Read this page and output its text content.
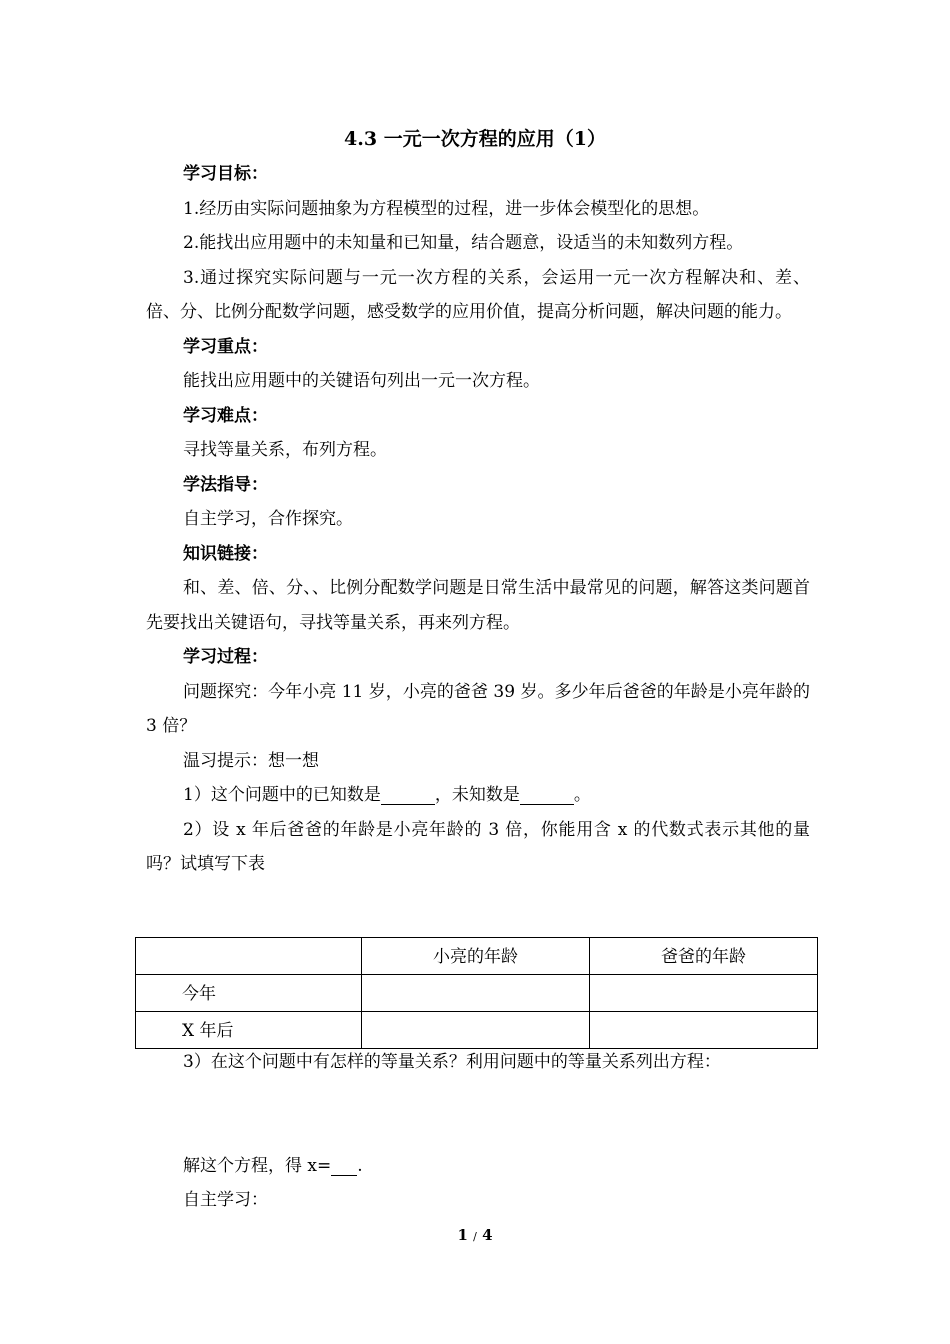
4.3 一元一次方程的应用（1）

学习目标：

1.经历由实际问题抽象为方程模型的过程，进一步体会模型化的思想。

2.能找出应用题中的未知量和已知量，结合题意，设适当的未知数列方程。

3.通过探究实际问题与一元一次方程的关系，会运用一元一次方程解决和、差、倍、分、比例分配数学问题，感受数学的应用价值，提高分析问题，解决问题的能力。

学习重点：

能找出应用题中的关键语句列出一元一次方程。

学习难点：

寻找等量关系，布列方程。

学法指导：

自主学习，合作探究。

知识链接：

和、差、倍、分、、比例分配数学问题是日常生活中最常见的问题，解答这类问题首先要找出关键语句，寻找等量关系，再来列方程。

学习过程：

问题探究：今年小亮 11 岁，小亮的爸爸 39 岁。多少年后爸爸的年龄是小亮年龄的 3 倍？

温习提示：想一想

1）这个问题中的已知数是	，未知数是	。

2）设 x 年后爸爸的年龄是小亮年龄的 3 倍，你能用含 x 的代数式表示其他的量吗？试填写下表

	小亮的年龄	爸爸的年龄
今年		
X 年后		

3）在这个问题中有怎样的等量关系？利用问题中的等量关系列出方程：

解这个方程，得 x= .

自主学习：

1 / 4
